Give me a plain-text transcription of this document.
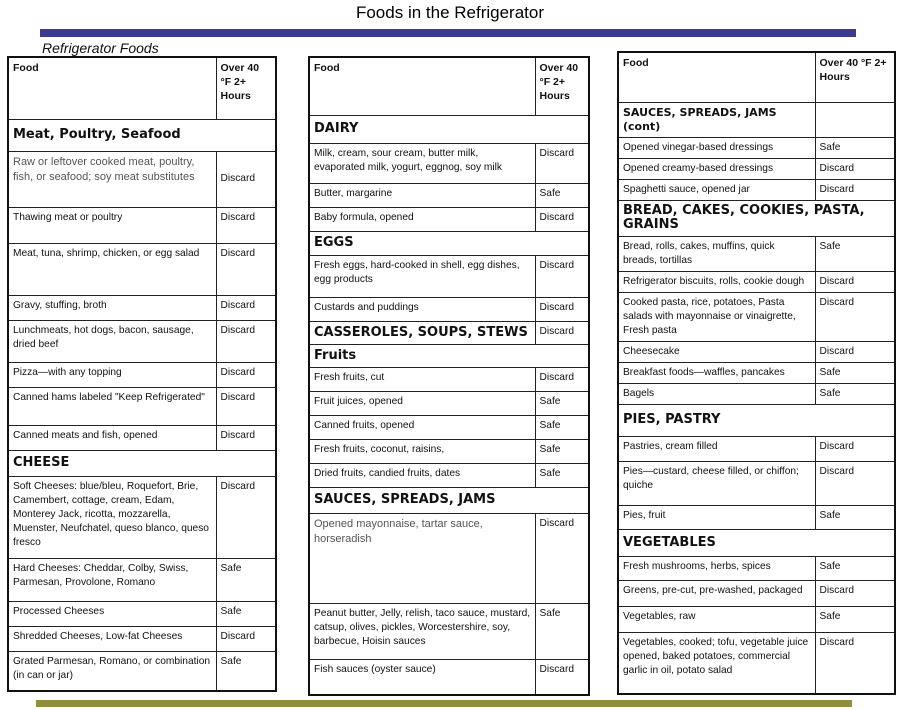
Foods in the Refrigerator
Refrigerator Foods
Food	Over 40 °F 2+ Hours
Meat, Poultry, Seafood	
Raw or leftover cooked meat, poultry, fish, or seafood; soy meat substitutes	Discard
Thawing meat or poultry	Discard
Meat, tuna, shrimp, chicken, or egg salad	Discard
Gravy, stuffing, broth	Discard
Lunchmeats, hot dogs, bacon, sausage, dried beef	Discard
Pizza—with any topping	Discard
Canned hams labeled "Keep Refrigerated"	Discard
Canned meats and fish, opened	Discard
CHEESE	
Soft Cheeses: blue/bleu, Roquefort, Brie, Camembert, cottage, cream, Edam, Monterey Jack, ricotta, mozzarella, Muenster, Neufchatel, queso blanco, queso fresco	Discard
Hard Cheeses: Cheddar, Colby, Swiss, Parmesan, Provolone, Romano	Safe
Processed Cheeses	Safe
Shredded Cheeses, Low-fat Cheeses	Discard
Grated Parmesan, Romano, or combination (in can or jar)	Safe
Food	Over 40 °F 2+ Hours
DAIRY	
Milk, cream, sour cream, butter milk, evaporated milk, yogurt, eggnog, soy milk	Discard
Butter, margarine	Safe
Baby formula, opened	Discard
EGGS	
Fresh eggs, hard-cooked in shell, egg dishes, egg products	Discard
Custards and puddings	Discard
CASSEROLES, SOUPS, STEWS	Discard
Fruits	
Fresh fruits, cut	Discard
Fruit juices, opened	Safe
Canned fruits, opened	Safe
Fresh fruits, coconut, raisins,	Safe
Dried fruits, candied fruits, dates	Safe
SAUCES, SPREADS, JAMS	
Opened mayonnaise, tartar sauce, horseradish	Discard
Peanut butter, Jelly, relish, taco sauce, mustard, catsup, olives, pickles, Worcestershire, soy, barbecue, Hoisin sauces	Safe
Fish sauces (oyster sauce)	Discard
Food	Over 40 °F 2+ Hours
SAUCES, SPREADS, JAMS (cont)	
Opened vinegar-based dressings	Safe
Opened creamy-based dressings	Discard
Spaghetti sauce, opened jar	Discard
BREAD, CAKES, COOKIES, PASTA, GRAINS	
Bread, rolls, cakes, muffins, quick breads, tortillas	Safe
Refrigerator biscuits, rolls, cookie dough	Discard
Cooked pasta, rice, potatoes, Pasta salads with mayonnaise or vinaigrette, Fresh pasta	Discard
Cheesecake	Discard
Breakfast foods—waffles, pancakes	Safe
Bagels	Safe
PIES, PASTRY	
Pastries, cream filled	Discard
Pies—custard, cheese filled, or chiffon; quiche	Discard
Pies, fruit	Safe
VEGETABLES	
Fresh mushrooms, herbs, spices	Safe
Greens, pre-cut, pre-washed, packaged	Discard
Vegetables, raw	Safe
Vegetables, cooked; tofu, vegetable juice opened, baked potatoes, commercial garlic in oil, potato salad	Discard
